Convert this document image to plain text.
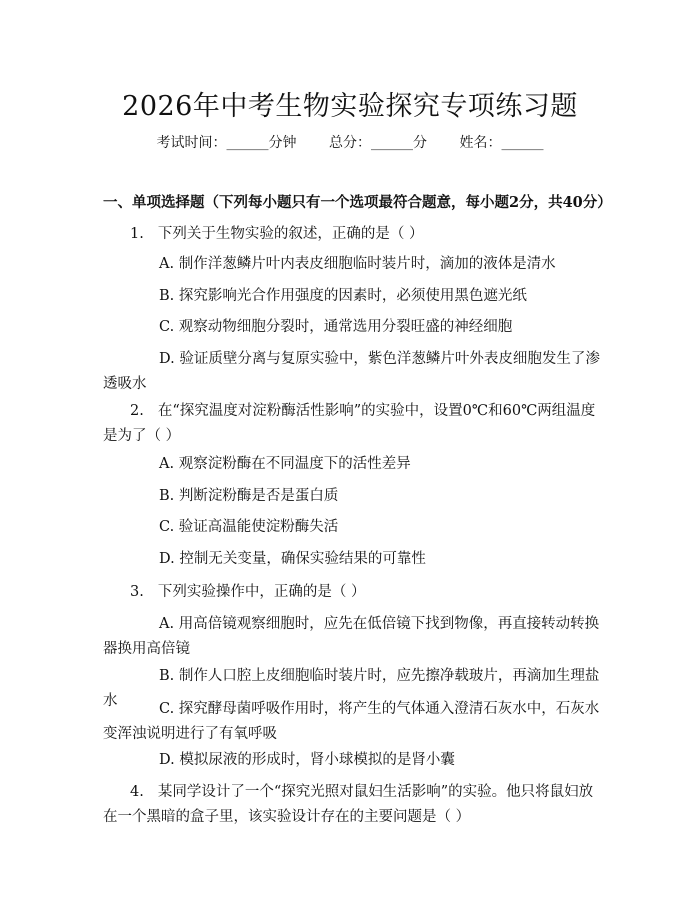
2026年中考生物实验探究专项练习题
考试时间：______分钟 总分：______分 姓名：______
一、单项选择题（下列每小题只有一个选项最符合题意，每小题2分，共40分）
1. 下列关于生物实验的叙述，正确的是（ ）
A. 制作洋葱鳞片叶内表皮细胞临时装片时，滴加的液体是清水
B. 探究影响光合作用强度的因素时，必须使用黑色遮光纸
C. 观察动物细胞分裂时，通常选用分裂旺盛的神经细胞
D. 验证质壁分离与复原实验中，紫色洋葱鳞片叶外表皮细胞发生了渗透吸水
2. 在“探究温度对淀粉酶活性影响”的实验中，设置0℃和60℃两组温度是为了（ ）
A. 观察淀粉酶在不同温度下的活性差异
B. 判断淀粉酶是否是蛋白质
C. 验证高温能使淀粉酶失活
D. 控制无关变量，确保实验结果的可靠性
3. 下列实验操作中，正确的是（ ）
A. 用高倍镜观察细胞时，应先在低倍镜下找到物像，再直接转动转换器换用高倍镜
B. 制作人口腔上皮细胞临时装片时，应先擦净载玻片，再滴加生理盐水	C. 探究酵母菌呼吸作用时，将产生的气体通入澄清石灰水中，石灰水变浑浊说明进行了有氧呼吸
D. 模拟尿液的形成时，肾小球模拟的是肾小囊
4. 某同学设计了一个“探究光照对鼠妇生活影响”的实验。他只将鼠妇放在一个黑暗的盒子里，该实验设计存在的主要问题是（ ）
